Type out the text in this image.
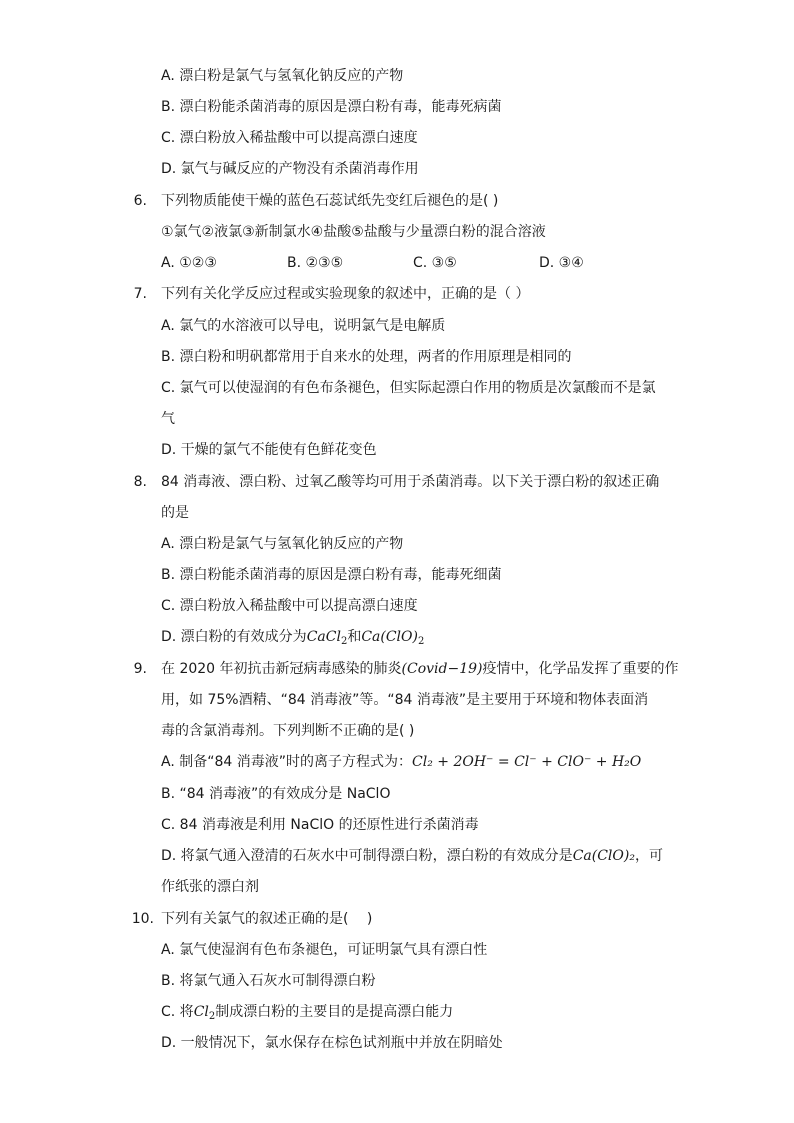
A. 漂白粉是氯气与氢氧化钠反应的产物
B. 漂白粉能杀菌消毒的原因是漂白粉有毒，能毒死病菌
C. 漂白粉放入稀盐酸中可以提高漂白速度
D. 氯气与碱反应的产物没有杀菌消毒作用
6. 下列物质能使干燥的蓝色石蕊试纸先变红后褪色的是( )
①氯气②液氯③新制氯水④盐酸⑤盐酸与少量漂白粉的混合溶液
A. ①②③	B. ②③⑤	C. ③⑤	D. ③④
7. 下列有关化学反应过程或实验现象的叙述中，正确的是（ ）
A. 氯气的水溶液可以导电，说明氯气是电解质
B. 漂白粉和明矾都常用于自来水的处理，两者的作用原理是相同的
C. 氯气可以使湿润的有色布条褪色，但实际起漂白作用的物质是次氯酸而不是氯
气
D. 干燥的氯气不能使有色鲜花变色
8. 84 消毒液、漂白粉、过氧乙酸等均可用于杀菌消毒。以下关于漂白粉的叙述正确
的是
A. 漂白粉是氯气与氢氧化钠反应的产物
B. 漂白粉能杀菌消毒的原因是漂白粉有毒，能毒死细菌
C. 漂白粉放入稀盐酸中可以提高漂白速度
D. 漂白粉的有效成分为CaCl$_2$和$Ca(ClO)_2$
9. 在 2020 年初抗击新冠病毒感染的肺炎(Covid−19)疫情中，化学品发挥了重要的作
用，如 75%酒精、“84 消毒液”等。“84 消毒液”是主要用于环境和物体表面消
毒的含氯消毒剂。下列判断不正确的是( )
A. 制备“84 消毒液”时的离子方程式为：Cl₂ + 2OH⁻ = Cl⁻ + ClO⁻ + H₂O
B. “84 消毒液”的有效成分是 NaClO
C. 84 消毒液是利用 NaClO 的还原性进行杀菌消毒
D. 将氯气通入澄清的石灰水中可制得漂白粉，漂白粉的有效成分是Ca(ClO)₂，可
作纸张的漂白剂
10. 下列有关氯气的叙述正确的是(　 )
A. 氯气使湿润有色布条褪色，可证明氯气具有漂白性
B. 将氯气通入石灰水可制得漂白粉
C. 将$Cl_2$制成漂白粉的主要目的是提高漂白能力
D. 一般情况下，氯水保存在棕色试剂瓶中并放在阴暗处
